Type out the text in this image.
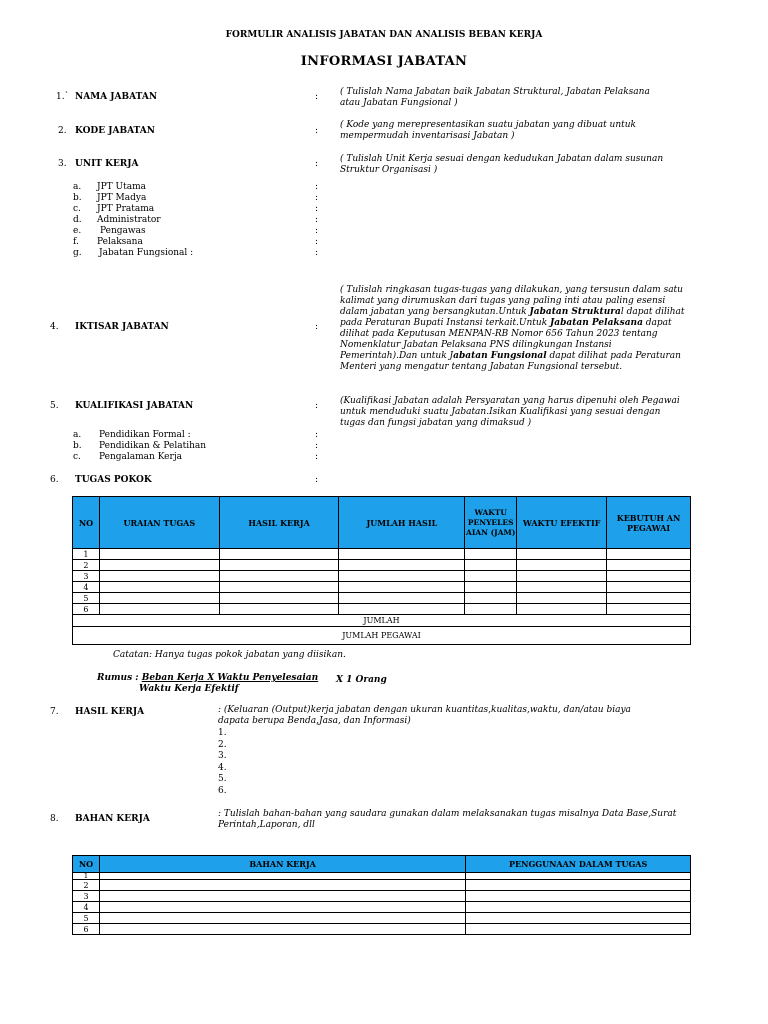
FORMULIR ANALISIS JABATAN DAN ANALISIS BEBAN KERJA
INFORMASI JABATAN
1.` NAMA JABATAN	: ( Tulislah Nama Jabatan baik Jabatan Struktural, Jabatan Pelaksana atau Jabatan Fungsional )
2. KODE JABATAN	:
( Kode yang merepresentasikan suatu jabatan yang dibuat untuk mempermudah inventarisasi Jabatan )
3. UNIT KERJA	: ( Tulislah Unit Kerja sesuai dengan kedudukan Jabatan dalam susunan Struktur Organisasi )
a. JPT Utama	:
b. JPT Madya	:
c. JPT Pratama	:
d. Administrator	:
e. Pengawas	:
f. Pelaksana	:
g. Jabatan Fungsional :	:
4. IKTISAR JABATAN	:
( Tulislah ringkasan tugas-tugas yang dilakukan, yang tersusun dalam satu kalimat yang dirumuskan dari tugas yang paling inti atau paling esensi dalam jabatan yang bersangkutan.Untuk Jabatan Struktural dapat dilihat pada Peraturan Bupati Instansi terkait.Untuk Jabatan Pelaksana dapat dilihat pada Keputusan MENPAN-RB Nomor 656 Tahun 2023 tentang Nomenklatur Jabatan Pelaksana PNS dilingkungan Instansi Pemerintah).Dan untuk Jabatan Fungsional dapat dilihat pada Peraturan Menteri yang mengatur tentang Jabatan Fungsional tersebut.
5. KUALIFIKASI JABATAN	: (Kualifikasi Jabatan adalah Persyaratan yang harus dipenuhi oleh Pegawai untuk menduduki suatu Jabatan.Isikan Kualifikasi yang sesuai dengan tugas dan fungsi jabatan yang dimaksud )
a. Pendidikan Formal :	:
b. Pendidikan & Pelatihan	:
c. Pengalaman Kerja	:
6. TUGAS POKOK	:
NO	URAIAN TUGAS	HASIL KERJA	JUMLAH HASIL	WAKTU PENYELES AIAN (JAM)	WAKTU EFEKTIF	KEBUTUH AN PEGAWAI
1						
2						
3						
4						
5						
6						
JUMLAH						
JUMLAH PEGAWAI						
Catatan: Hanya tugas pokok jabatan yang diisikan.
Rumus : Beban Kerja X Waktu Penyelesaian
Waktu Kerja Efektif
X 1 Orang
7. HASIL KERJA	: (Keluaran (Output)kerja jabatan dengan ukuran kuantitas,kualitas,waktu, dan/atau biaya
dapata berupa Benda,Jasa, dan Informasi)
1.
2.
3.
4.
5.
6.
8. BAHAN KERJA	: Tulislah bahan-bahan yang saudara gunakan dalam melaksanakan tugas misalnya Data Base,Surat
Perintah,Laporan, dll
NO	BAHAN KERJA	PENGGUNAAN DALAM TUGAS
1		
2		
3		
4		
5		
6		
